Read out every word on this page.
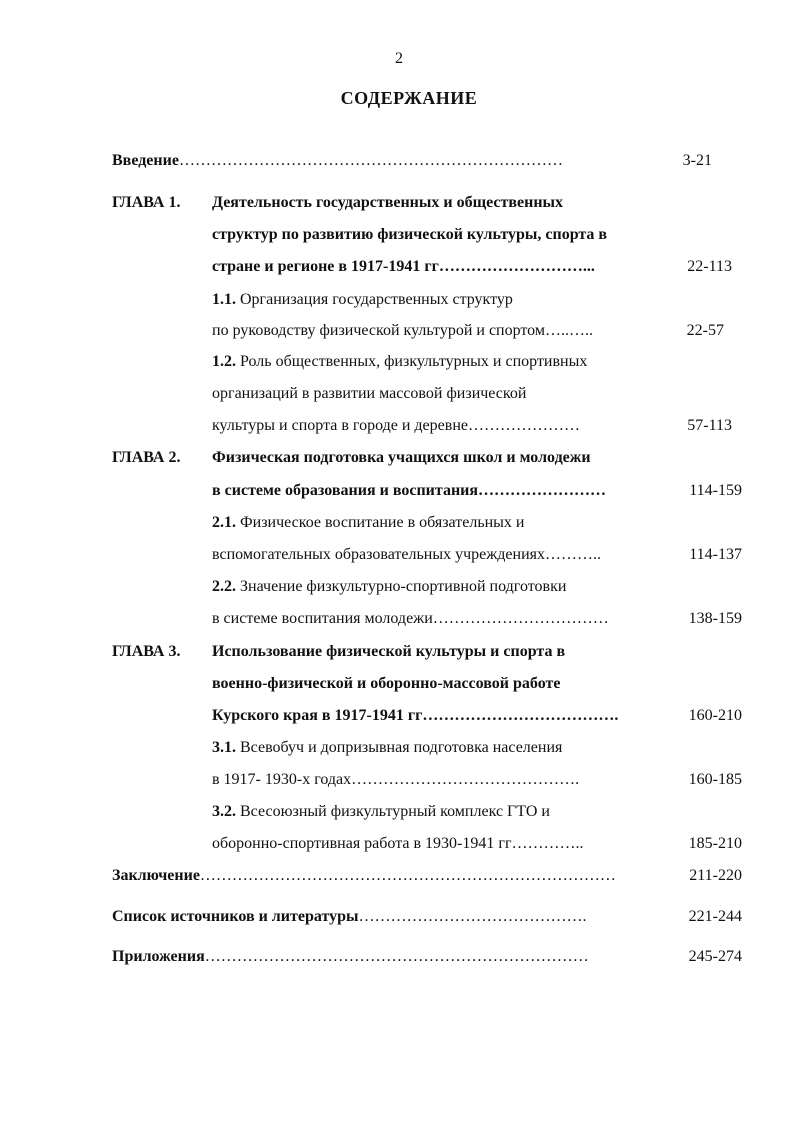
2
СОДЕРЖАНИЕ
Введение………………………………………………………………	3-21
ГЛАВА 1. Деятельность государственных и общественных
структур по развитию физической культуры, спорта в
стране и регионе в 1917-1941 гг………………………...	22-113
1.1. Организация государственных структур
по руководству физической культурой и спортом…..…..	22-57
1.2. Роль общественных, физкультурных и спортивных
организаций в развитии массовой физической
культуры и спорта в городе и деревне…………………	57-113
ГЛАВА 2. Физическая подготовка учащихся школ и молодежи
в системе образования и воспитания……………………	114-159
2.1. Физическое воспитание в обязательных и
вспомогательных образовательных учреждениях………..	114-137
2.2. Значение физкультурно-спортивной подготовки
в системе воспитания молодежи……………………………	138-159
ГЛАВА 3. Использование физической культуры и спорта в
военно-физической и оборонно-массовой работе
Курского края в 1917-1941 гг……………………………….	160-210
3.1. Всевобуч и допризывная подготовка населения
в 1917- 1930-х годах…………………………………….	160-185
3.2. Всесоюзный физкультурный комплекс ГТО и
оборонно-спортивная работа в 1930-1941 гг…………..	185-210
Заключение……………………………………………………………………	211-220
Список источников и литературы…………………………………….	221-244
Приложения………………………………………………………………	245-274
